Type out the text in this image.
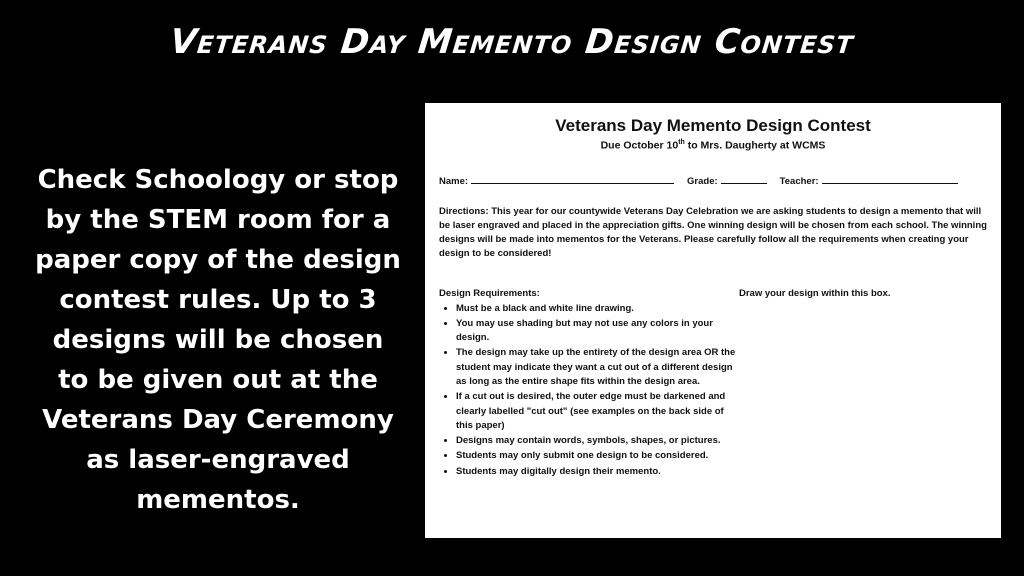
Veterans Day Memento Design Contest
Check Schoology or stop by the STEM room for a paper copy of the design contest rules. Up to 3 designs will be chosen to be given out at the Veterans Day Ceremony as laser-engraved mementos.
Veterans Day Memento Design Contest
Due October 10th to Mrs. Daugherty at WCMS
Name:	Grade:	Teacher:
Directions: This year for our countywide Veterans Day Celebration we are asking students to design a memento that will be laser engraved and placed in the appreciation gifts. One winning design will be chosen from each school. The winning designs will be made into mementos for the Veterans. Please carefully follow all the requirements when creating your design to be considered!
Design Requirements:
• Must be a black and white line drawing.
• You may use shading but may not use any colors in your design.
• The design may take up the entirety of the design area OR the student may indicate they want a cut out of a different design as long as the entire shape fits within the design area.
• If a cut out is desired, the outer edge must be darkened and clearly labelled "cut out" (see examples on the back side of this paper)
• Designs may contain words, symbols, shapes, or pictures.
• Students may only submit one design to be considered.
• Students may digitally design their memento.
Draw your design within this box.
